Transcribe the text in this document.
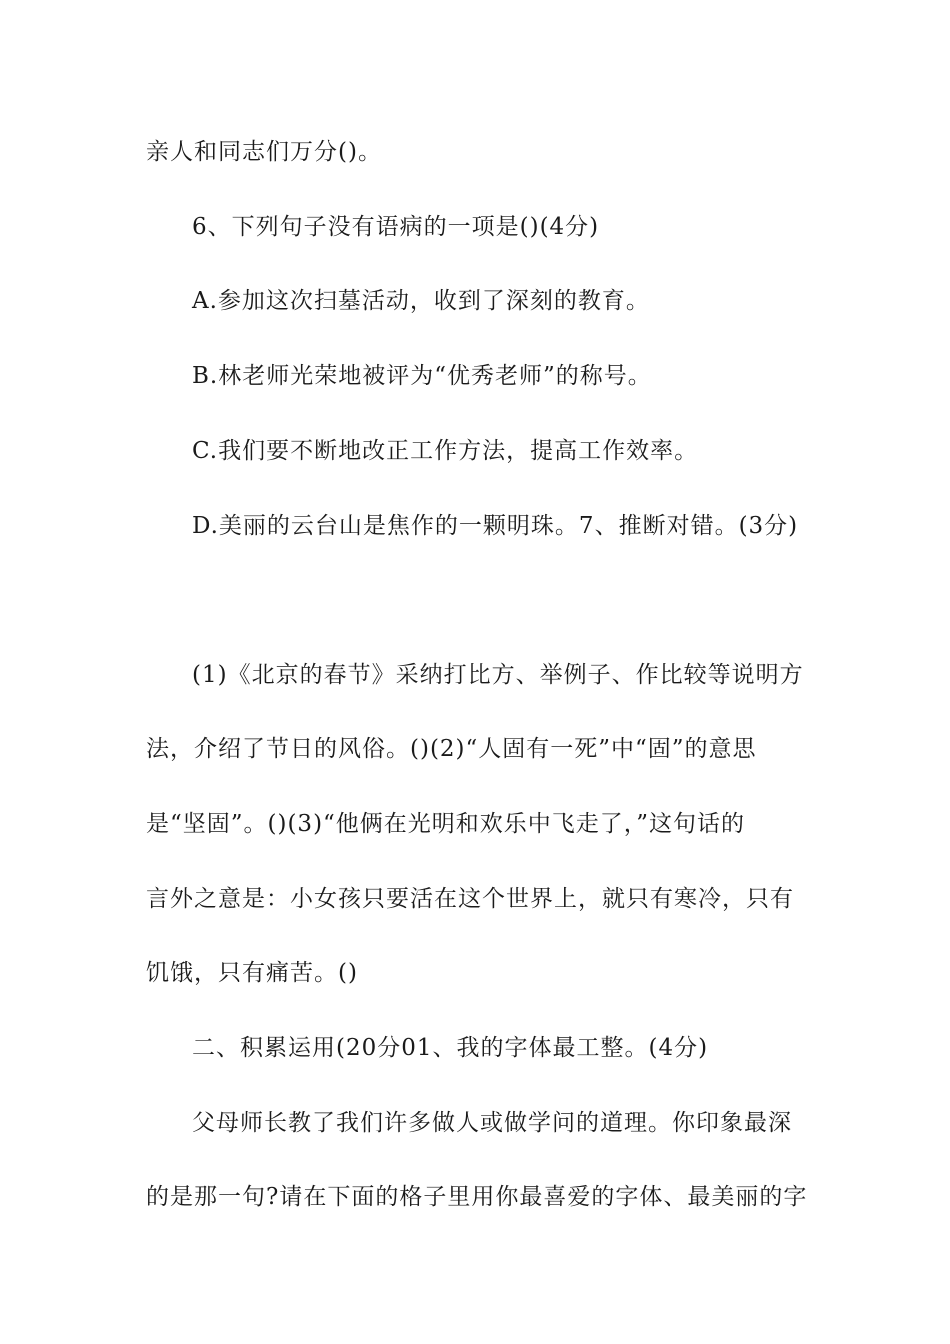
亲人和同志们万分()。
6、下列句子没有语病的一项是()(4分)
A.参加这次扫墓活动，收到了深刻的教育。
B.林老师光荣地被评为“优秀老师”的称号。
C.我们要不断地改正工作方法，提高工作效率。
D.美丽的云台山是焦作的一颗明珠。7、推断对错。(3分)
(1)《北京的春节》采纳打比方、举例子、作比较等说明方
法，介绍了节日的风俗。()(2)“人固有一死”中“固”的意思
是“坚固”。()(3)“他俩在光明和欢乐中飞走了，”这句话的
言外之意是：小女孩只要活在这个世界上，就只有寒冷，只有
饥饿，只有痛苦。()
二、积累运用(20分01、我的字体最工整。(4分)
父母师长教了我们许多做人或做学问的道理。你印象最深
的是那一句?请在下面的格子里用你最喜爱的字体、最美丽的字
